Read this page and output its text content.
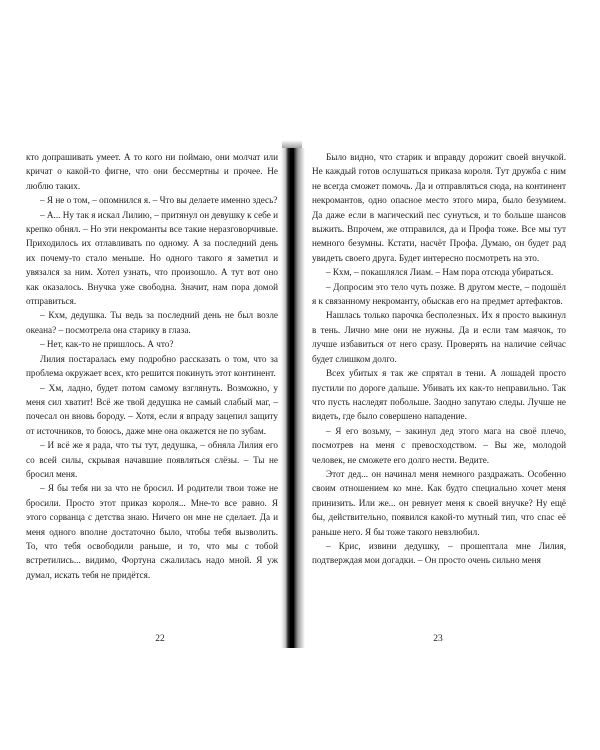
кто допрашивать умеет. А то кого ни поймаю, они молчат или кричат о какой-то фигне, что они бессмертны и прочее. Не люблю таких.

– Я не о том, – опомнился я. – Что вы делаете именно здесь?

– А... Ну так я искал Лилию, – притянул он девушку к себе и крепко обнял. – Но эти некроманты все такие неразговорчивые. Приходилось их отлавливать по одному. А за последний день их почему-то стало меньше. Но одного такого я заметил и увязался за ним. Хотел узнать, что произошло. А тут вот оно как оказалось. Внучка уже свободна. Значит, нам пора домой отправиться.

– Кхм, дедушка. Ты ведь за последний день не был возле океана? – посмотрела она старику в глаза.

– Нет, как-то не пришлось. А что?

Лилия постаралась ему подробно рассказать о том, что за проблема окружает всех, кто решится покинуть этот континент.

– Хм, ладно, будет потом самому взглянуть. Возможно, у меня сил хватит! Всё же твой дедушка не самый слабый маг, – почесал он вновь бороду. – Хотя, если я впраду зацепил защиту от источников, то боюсь, даже мне она окажется не по зубам.

– И всё же я рада, что ты тут, дедушка, – обняла Лилия его со всей силы, скрывая начавшие появляться слёзы. – Ты не бросил меня.

– Я бы тебя ни за что не бросил. И родители твои тоже не бросили. Просто этот приказ короля... Мне-то все равно. Я этого сорванца с детства знаю. Ничего он мне не сделает. Да и меня одного вполне достаточно было, чтобы тебя вызволить. То, что тебя освободили раньше, и то, что мы с тобой встретились... видимо, Фортуна сжалилась надо мной. Я уж думал, искать тебя не придётся.

22

Было видно, что старик и вправду дорожит своей внучкой. Не каждый готов ослушаться приказа короля. Тут дружба с ним не всегда сможет помочь. Да и отправляться сюда, на континент некромантов, одно опасное место этого мира, было безумием. Да даже если в магический пес сунуться, и то больше шансов выжить. Впрочем, же отправился, да и Профа тоже. Все мы тут немного безумны. Кстати, насчёт Профа. Думаю, он будет рад увидеть своего друга. Будет интересно посмотреть на это.

– Кхм, – покашлялся Лиам. – Нам пора отсюда убираться.

– Допросим это тело чуть позже. В другом месте, – подошёл я к связанному некроманту, обыскав его на предмет артефактов.

Нашлась только парочка бесполезных. Их я просто выкинул в тень. Лично мне они не нужны. Да и если там маячок, то лучше избавиться от него сразу. Проверять на наличие сейчас будет слишком долго.

Всех убитых я так же спрятал в тени. А лошадей просто пустили по дороге дальше. Убивать их как-то неправильно. Так что пусть наследят побольше. Заодно запутаю следы. Лучше не видеть, где было совершено нападение.

– Я его возьму, – закинул дед этого мага на своё плечо, посмотрев на меня с превосходством. – Вы же, молодой человек, не сможете его долго нести. Ведите.

Этот дед... он начинал меня немного раздражать. Особенно своим отношением ко мне. Как будто специально хочет меня принизить. Или же... он ревнует меня к своей внучке? Ну ещё бы, действительно, появился какой-то мутный тип, что спас её раньше него. Я бы тоже такого невзлюбил.

– Крис, извини дедушку, – прошептала мне Лилия, подтверждая мои догадки. – Он просто очень сильно меня

23
